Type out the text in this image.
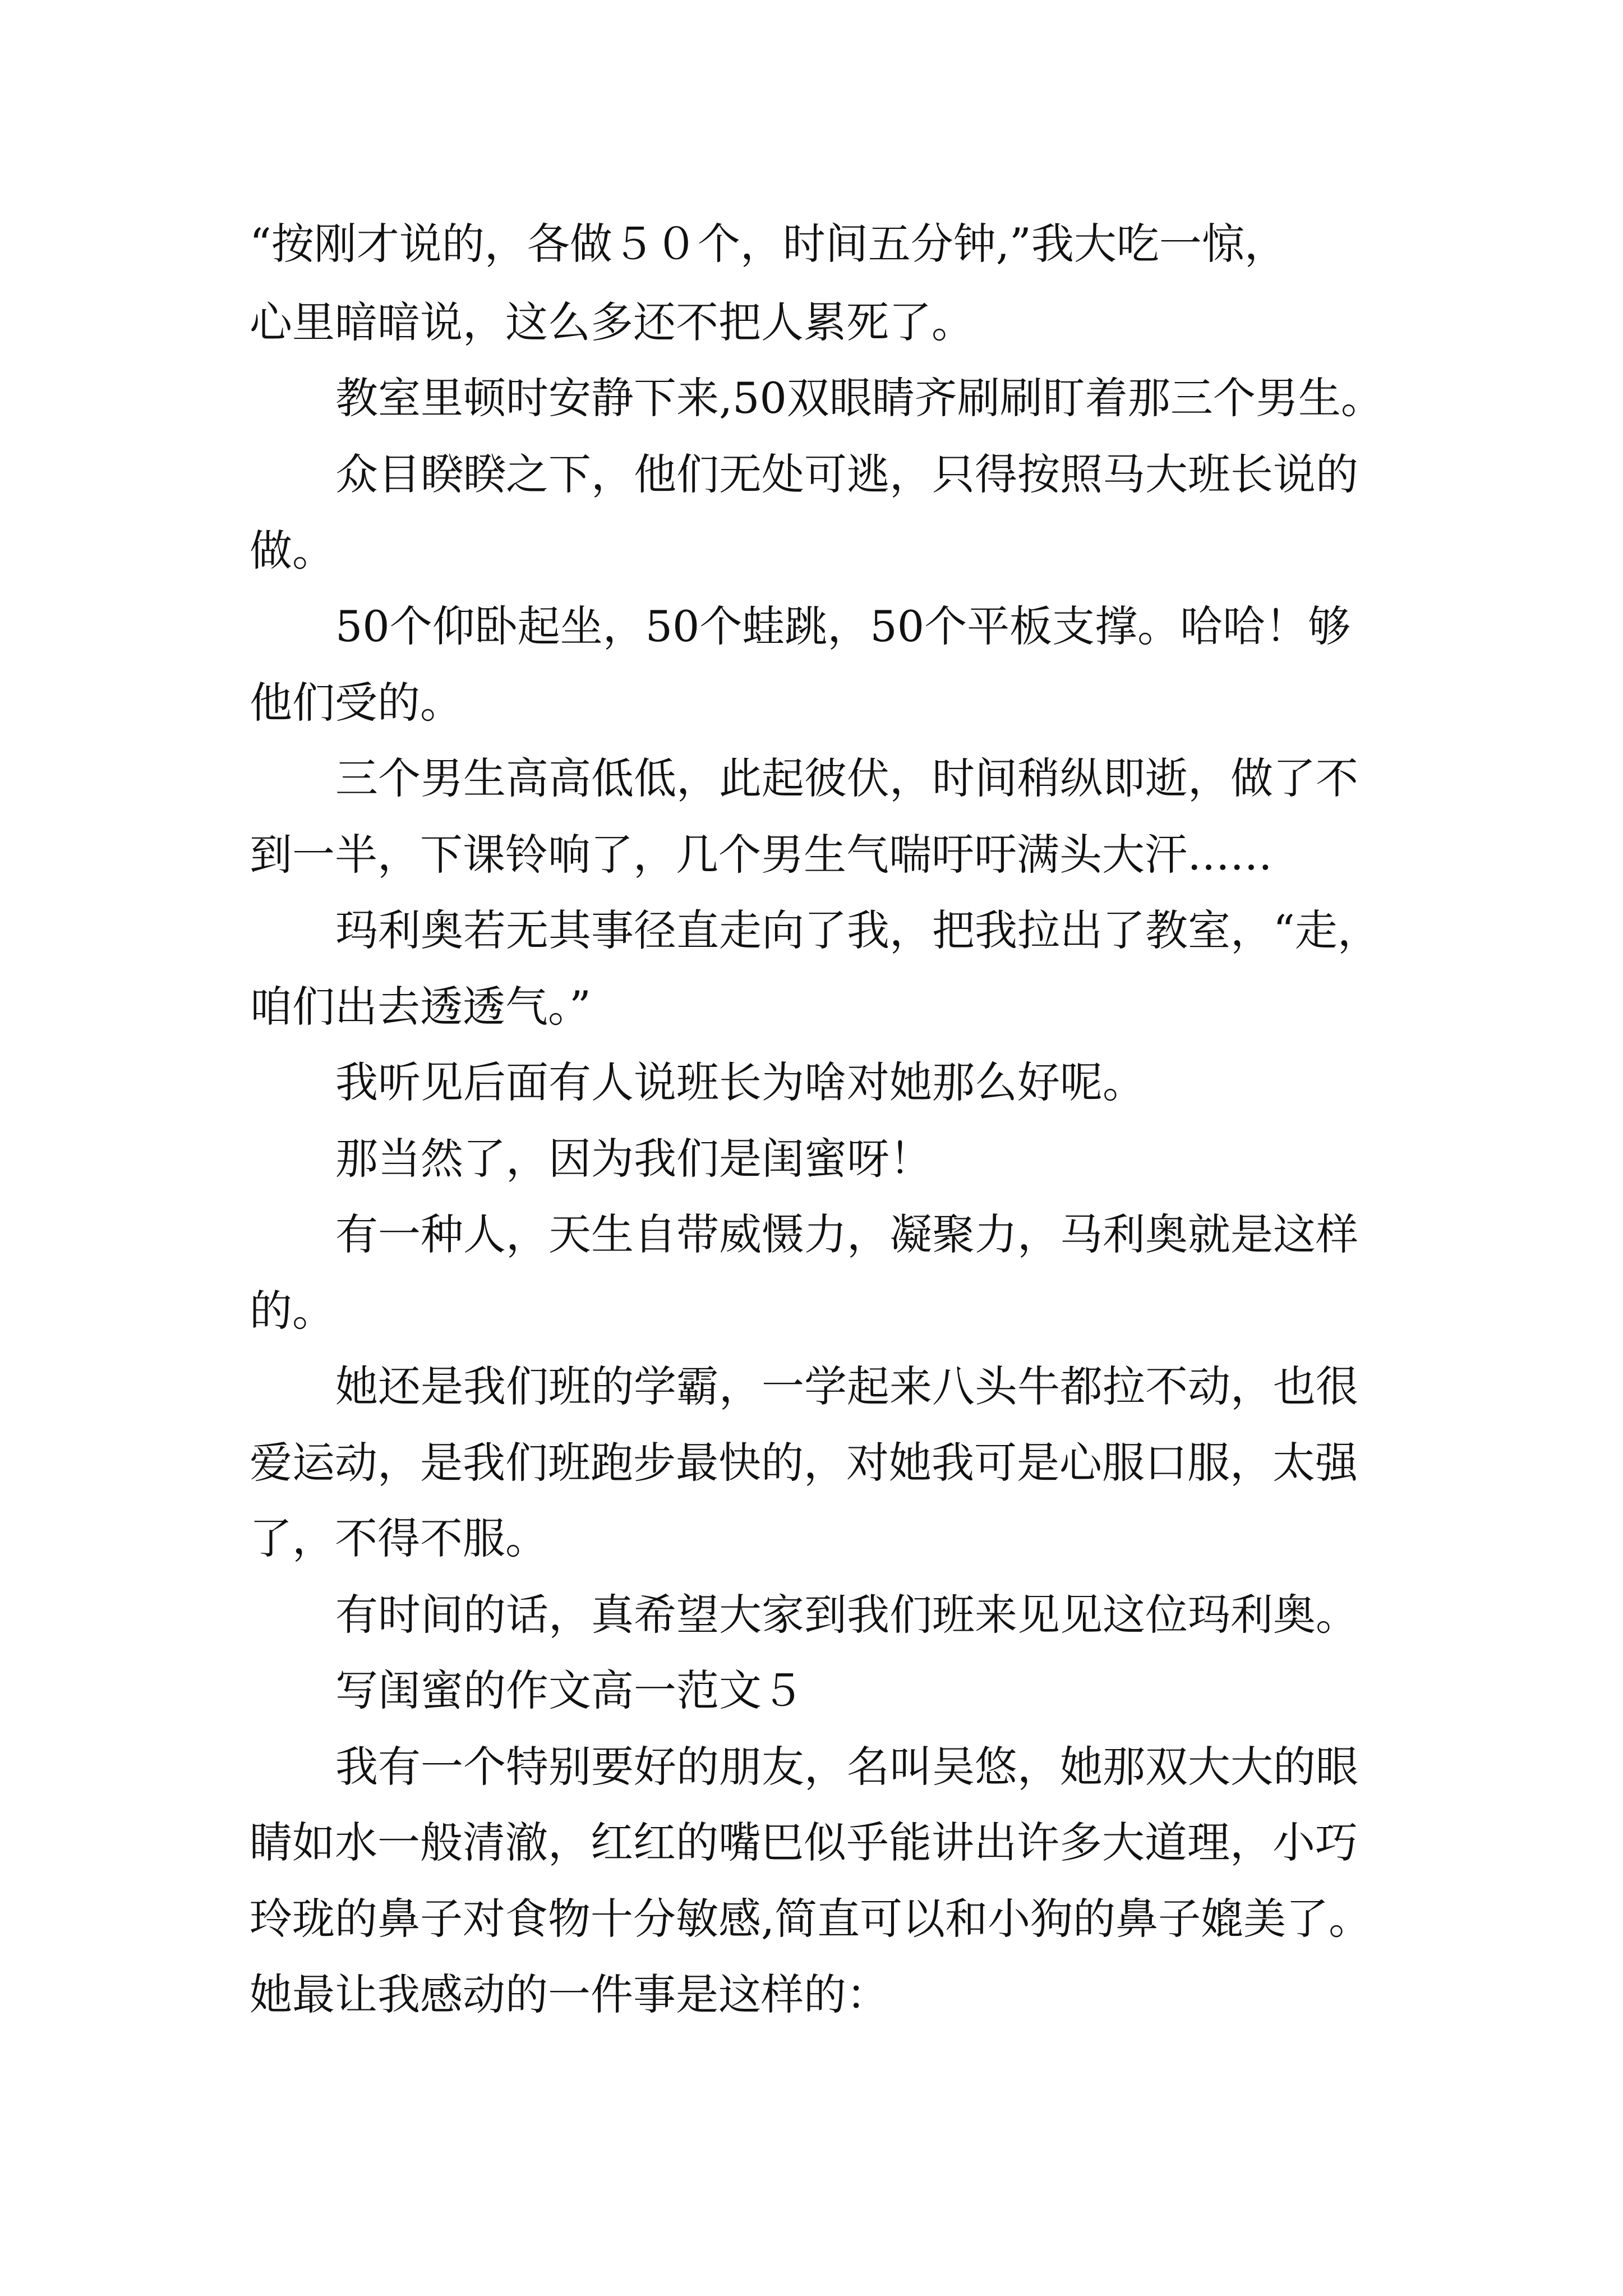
“按刚才说的，各做５０个，时间五分钟,”我大吃一惊，

心里暗暗说，这么多还不把人累死了。

教室里顿时安静下来,50双眼睛齐刷刷盯着那三个男生。

众目睽睽之下，他们无处可逃，只得按照马大班长说的

做。

50个仰卧起坐，50个蛙跳，50个平板支撑。哈哈！够

他们受的。

三个男生高高低低，此起彼伏，时间稍纵即逝，做了不

到一半，下课铃响了，几个男生气喘吁吁满头大汗……

玛利奥若无其事径直走向了我，把我拉出了教室，“走，

咱们出去透透气。”

我听见后面有人说班长为啥对她那么好呢。

那当然了，因为我们是闺蜜呀！

有一种人，天生自带威慑力，凝聚力，马利奥就是这样

的。

她还是我们班的学霸，一学起来八头牛都拉不动，也很

爱运动，是我们班跑步最快的，对她我可是心服口服，太强

了，不得不服。

有时间的话，真希望大家到我们班来见见这位玛利奥。

写闺蜜的作文高一范文５

我有一个特别要好的朋友，名叫吴悠，她那双大大的眼

睛如水一般清澈，红红的嘴巴似乎能讲出许多大道理，小巧

玲珑的鼻子对食物十分敏感,简直可以和小狗的鼻子媲美了。

她最让我感动的一件事是这样的：
